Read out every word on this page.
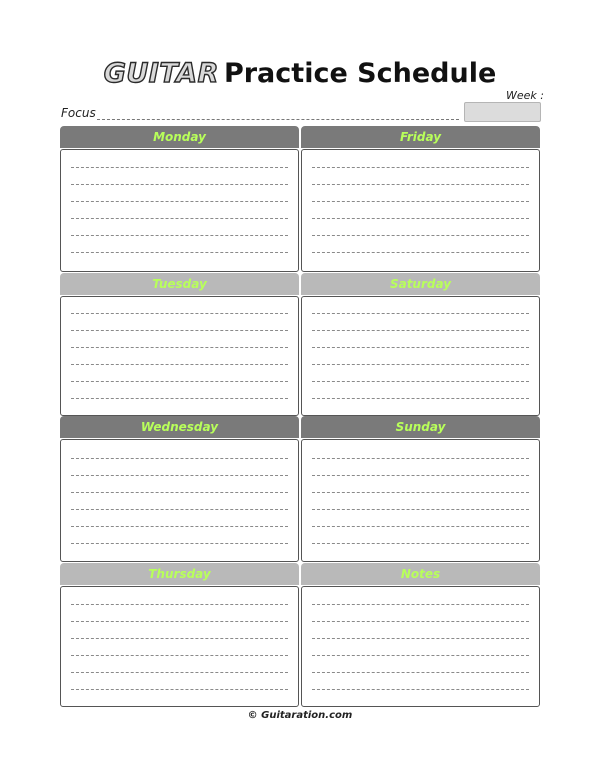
GUITAR Practice Schedule
Week :
Focus
Monday	Friday
Tuesday	Saturday
Wednesday	Sunday
Thursday	Notes
© Guitaration.com
